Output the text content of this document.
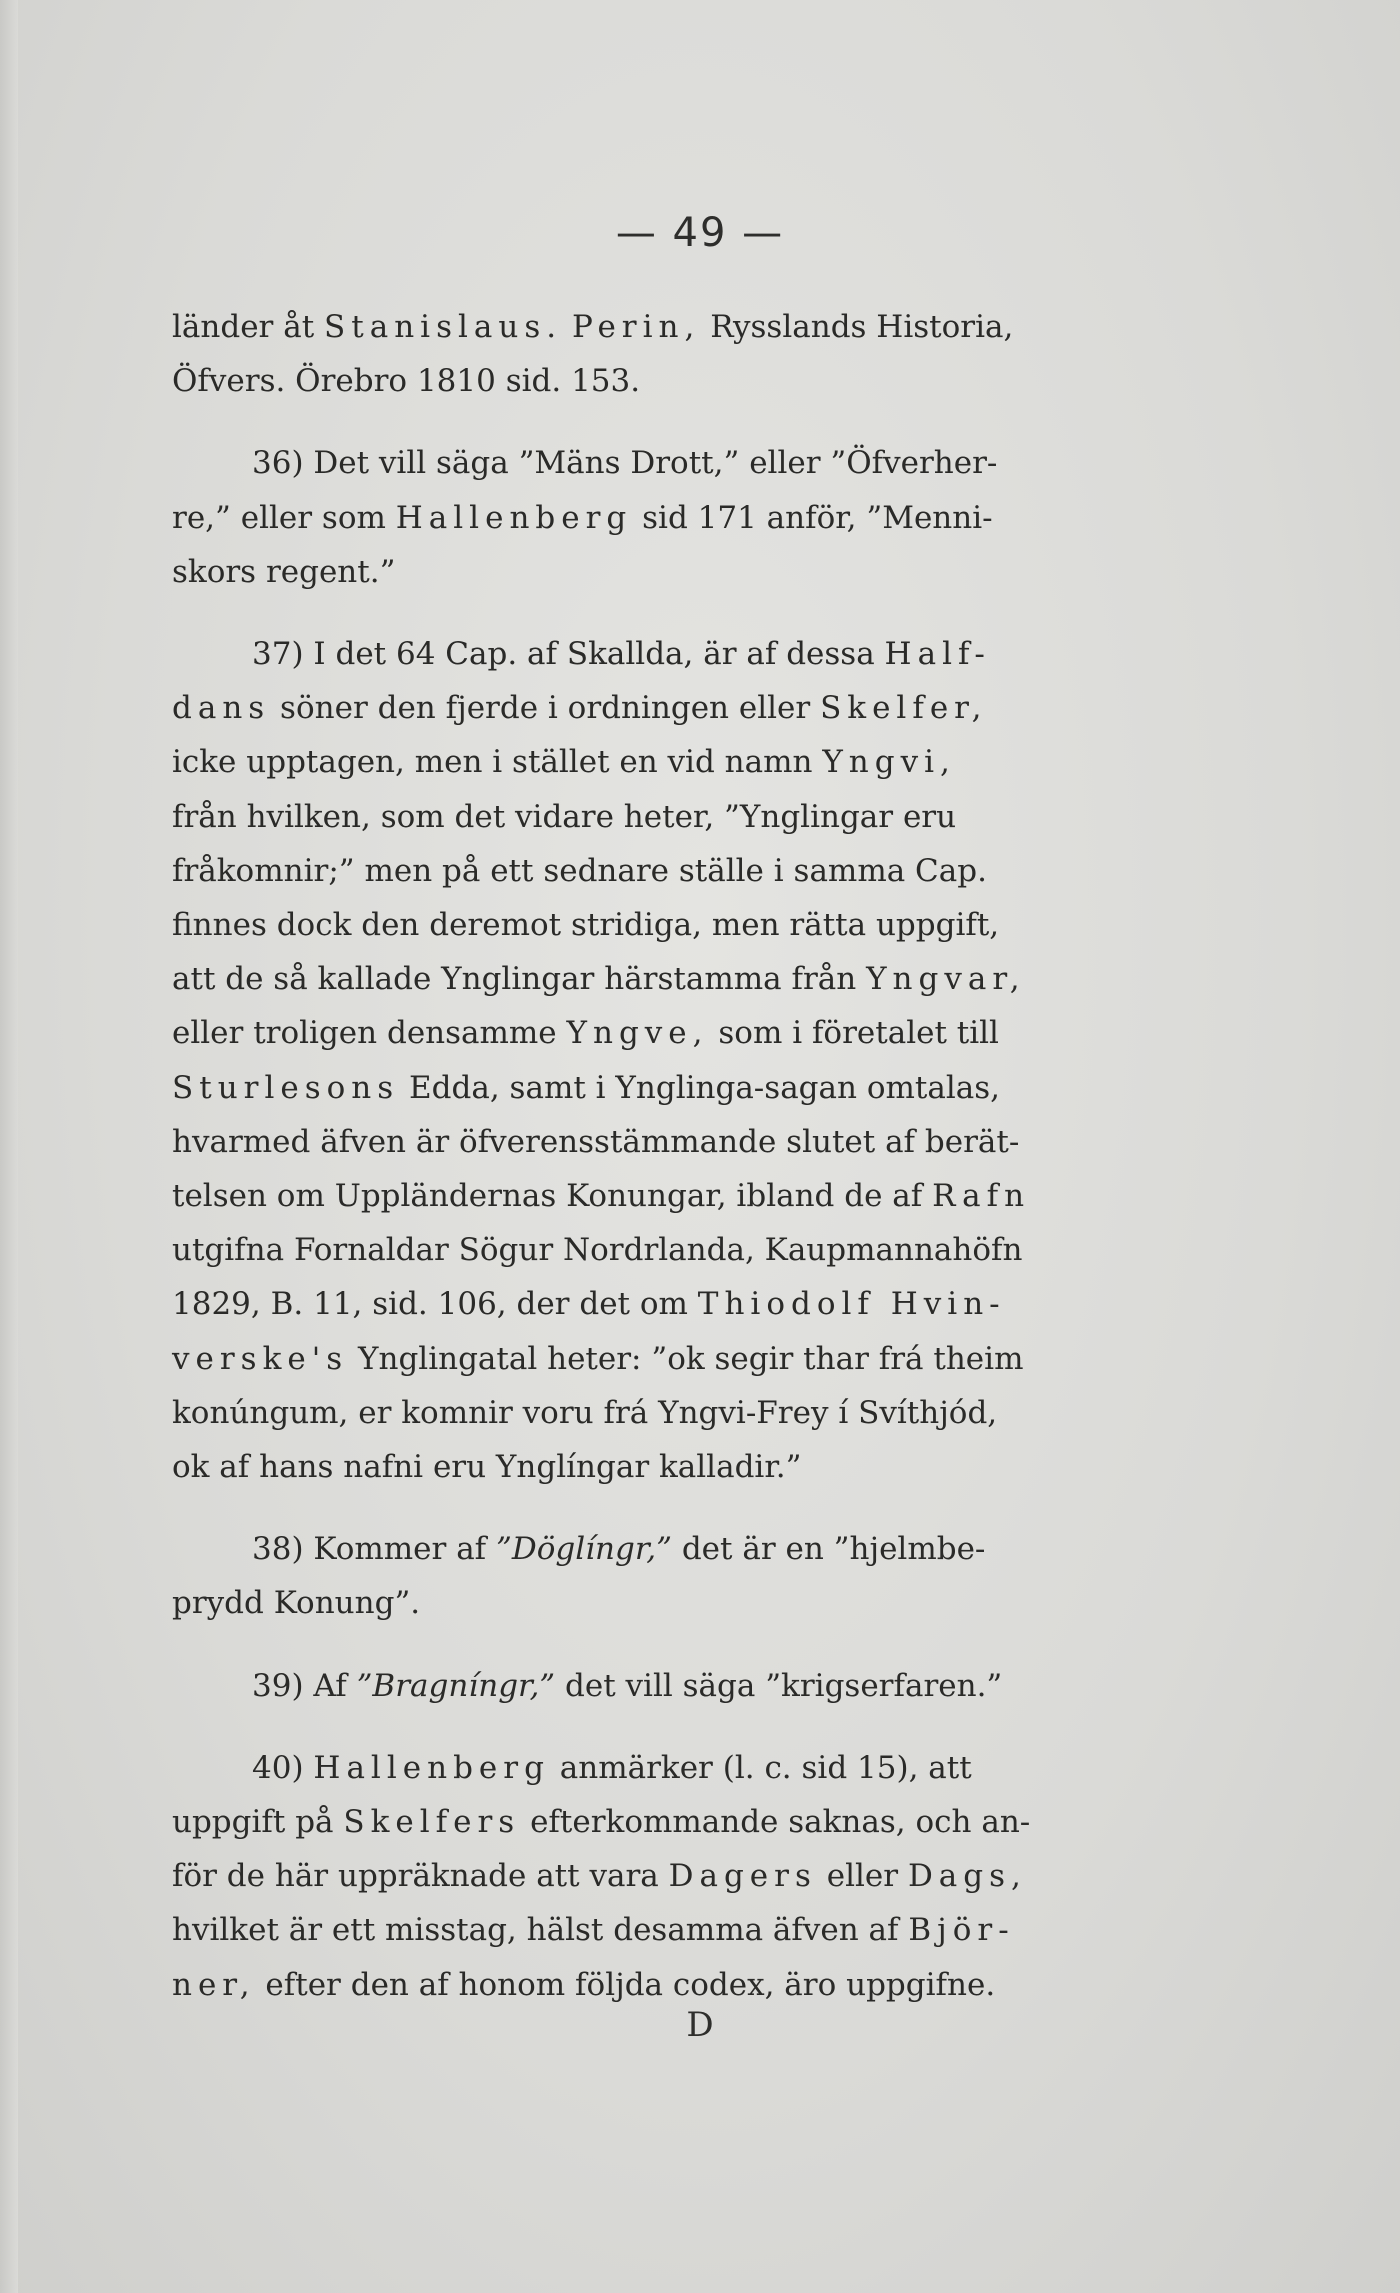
— 49 —

länder åt Stanislaus. Perin, Rysslands Historia,

Öfvers. Örebro 1810 sid. 153.

36) Det vill säga ”Mäns Drott,” eller ”Öfverher-

re,” eller som Hallenberg sid 171 anför, ”Menni-

skors regent.”

37) I det 64 Cap. af Skallda, är af dessa Half-

dans söner den fjerde i ordningen eller Skelfer,

icke upptagen, men i stället en vid namn Yngvi,

från hvilken, som det vidare heter, ”Ynglingar eru

fråkomnir;” men på ett sednare ställe i samma Cap.

finnes dock den deremot stridiga, men rätta uppgift,

att de så kallade Ynglingar härstamma från Yngvar,

eller troligen densamme Yngve, som i företalet till

Sturlesons Edda, samt i Ynglinga-sagan omtalas,

hvarmed äfven är öfverensstämmande slutet af berät-

telsen om Uppländernas Konungar, ibland de af Rafn

utgifna Fornaldar Sögur Nordrlanda, Kaupmannahöfn

1829, B. 11, sid. 106, der det om Thiodolf Hvin-

verske's Ynglingatal heter: ”ok segir thar frá theim

konúngum, er komnir voru frá Yngvi-Frey í Svíthjód,

ok af hans nafni eru Ynglíngar kalladir.”

38) Kommer af ”Döglíngr,” det är en ”hjelmbe-

prydd Konung”.

39) Af ”Bragníngr,” det vill säga ”krigserfaren.”

40) Hallenberg anmärker (l. c. sid 15), att

uppgift på Skelfers efterkommande saknas, och an-

för de här uppräknade att vara Dagers eller Dags,

hvilket är ett misstag, hälst desamma äfven af Björ-

ner, efter den af honom följda codex, äro uppgifne.

D
